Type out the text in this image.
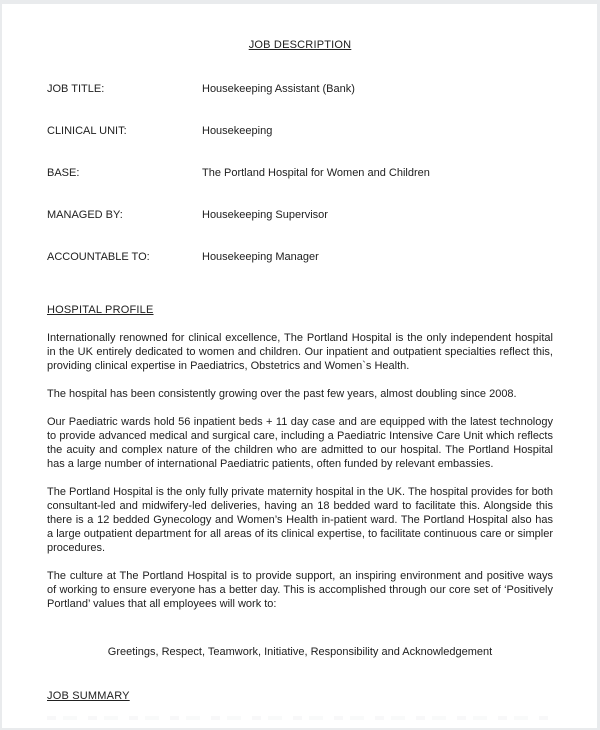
JOB DESCRIPTION
JOB TITLE:	Housekeeping Assistant (Bank)
CLINICAL UNIT:	Housekeeping
BASE:	The Portland Hospital for Women and Children
MANAGED BY:	Housekeeping Supervisor
ACCOUNTABLE TO:	Housekeeping Manager
HOSPITAL PROFILE

Internationally renowned for clinical excellence, The Portland Hospital is the only independent hospital in the UK entirely dedicated to women and children. Our inpatient and outpatient specialties reflect this, providing clinical expertise in Paediatrics, Obstetrics and Women`s Health.

The hospital has been consistently growing over the past few years, almost doubling since 2008.

Our Paediatric wards hold 56 inpatient beds + 11 day case and are equipped with the latest technology to provide advanced medical and surgical care, including a Paediatric Intensive Care Unit which reflects the acuity and complex nature of the children who are admitted to our hospital. The Portland Hospital has a large number of international Paediatric patients, often funded by relevant embassies.

The Portland Hospital is the only fully private maternity hospital in the UK. The hospital provides for both consultant-led and midwifery-led deliveries, having an 18 bedded ward to facilitate this. Alongside this there is a 12 bedded Gynecology and Women’s Health in-patient ward. The Portland Hospital also has a large outpatient department for all areas of its clinical expertise, to facilitate continuous care or simpler procedures.

The culture at The Portland Hospital is to provide support, an inspiring environment and positive ways of working to ensure everyone has a better day. This is accomplished through our core set of ‘Positively Portland’ values that all employees will work to:

Greetings, Respect, Teamwork, Initiative, Responsibility and Acknowledgement
JOB SUMMARY
